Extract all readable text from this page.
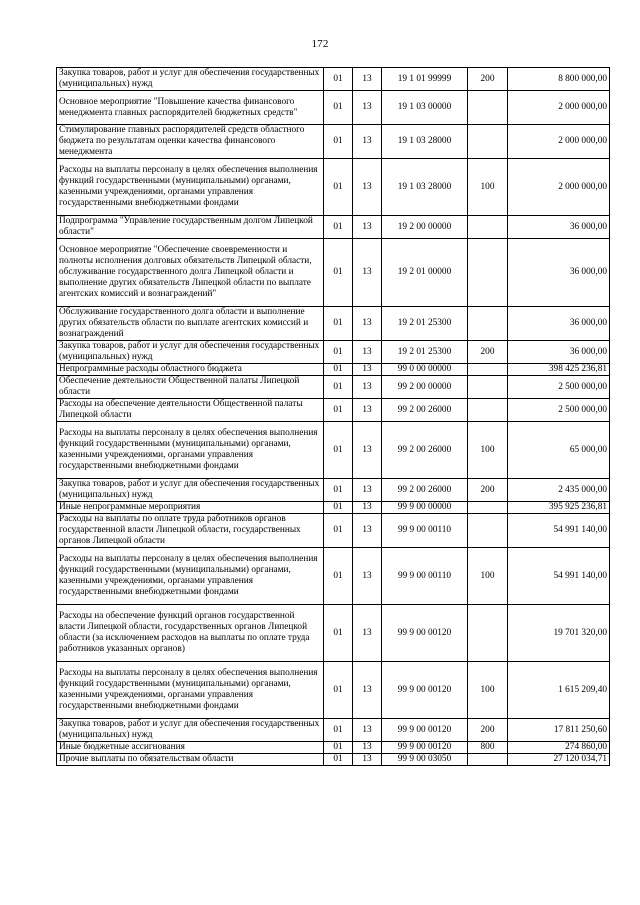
172
Закупка товаров, работ и услуг для обеспечения государственных (муниципальных) нужд	01	13	19 1 01 99999	200	8 800 000,00
Основное мероприятие "Повышение качества финансового менеджмента главных распорядителей бюджетных средств"	01	13	19 1 03 00000		2 000 000,00
Стимулирование главных распорядителей средств областного бюджета по результатам оценки качества финансового менеджмента	01	13	19 1 03 28000		2 000 000,00
Расходы на выплаты персоналу в целях обеспечения выполнения функций государственными (муниципальными) органами, казенными учреждениями, органами управления государственными внебюджетными фондами	01	13	19 1 03 28000	100	2 000 000,00
Подпрограмма "Управление государственным долгом Липецкой области"	01	13	19 2 00 00000		36 000,00
Основное мероприятие "Обеспечение своевременности и полноты исполнения долговых обязательств Липецкой области, обслуживание государственного долга Липецкой области и выполнение других обязательств Липецкой области по выплате агентских комиссий и вознаграждений"	01	13	19 2 01 00000		36 000,00
Обслуживание государственного долга области и выполнение других обязательств области по выплате агентских комиссий и вознаграждений	01	13	19 2 01 25300		36 000,00
Закупка товаров, работ и услуг для обеспечения государственных (муниципальных) нужд	01	13	19 2 01 25300	200	36 000,00
Непрограммные расходы областного бюджета	01	13	99 0 00 00000		398 425 236,81
Обеспечение деятельности Общественной палаты Липецкой области	01	13	99 2 00 00000		2 500 000,00
Расходы на обеспечение деятельности Общественной палаты Липецкой области	01	13	99 2 00 26000		2 500 000,00
Расходы на выплаты персоналу в целях обеспечения выполнения функций государственными (муниципальными) органами, казенными учреждениями, органами управления государственными внебюджетными фондами	01	13	99 2 00 26000	100	65 000,00
Закупка товаров, работ и услуг для обеспечения государственных (муниципальных) нужд	01	13	99 2 00 26000	200	2 435 000,00
Иные непрограммные мероприятия	01	13	99 9 00 00000		395 925 236,81
Расходы на выплаты по оплате труда работников органов государственной власти Липецкой области, государственных органов Липецкой области	01	13	99 9 00 00110		54 991 140,00
Расходы на выплаты персоналу в целях обеспечения выполнения функций государственными (муниципальными) органами, казенными учреждениями, органами управления государственными внебюджетными фондами	01	13	99 9 00 00110	100	54 991 140,00
Расходы на обеспечение функций органов государственной власти Липецкой области, государственных органов Липецкой области (за исключением расходов на выплаты по оплате труда работников указанных органов)	01	13	99 9 00 00120		19 701 320,00
Расходы на выплаты персоналу в целях обеспечения выполнения функций государственными (муниципальными) органами, казенными учреждениями, органами управления государственными внебюджетными фондами	01	13	99 9 00 00120	100	1 615 209,40
Закупка товаров, работ и услуг для обеспечения государственных (муниципальных) нужд	01	13	99 9 00 00120	200	17 811 250,60
Иные бюджетные ассигнования	01	13	99 9 00 00120	800	274 860,00
Прочие выплаты по обязательствам области	01	13	99 9 00 03050		27 120 034,71
